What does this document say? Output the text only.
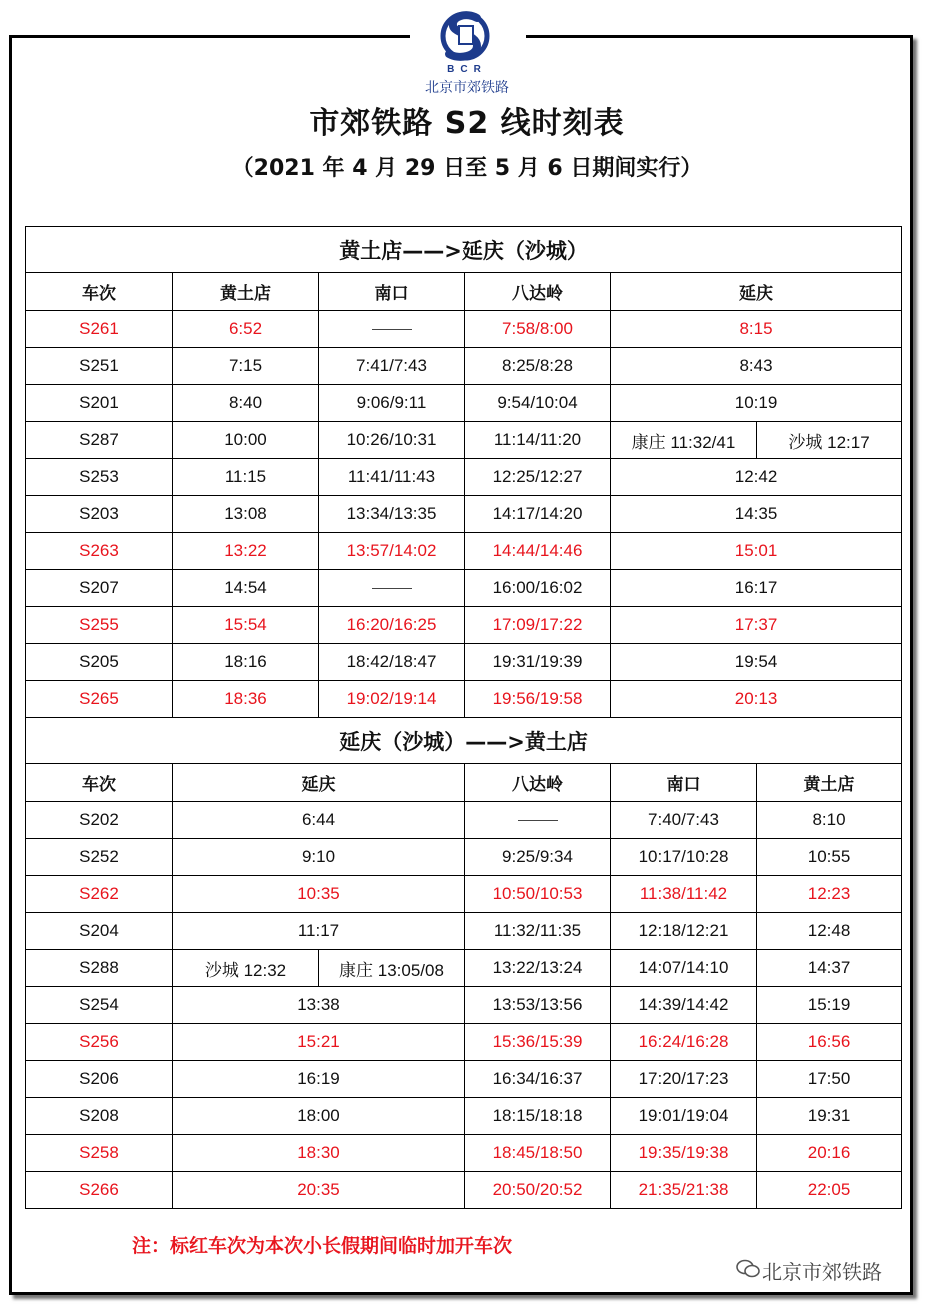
BCR
北京市郊铁路
市郊铁路 S2 线时刻表
（2021 年 4 月 29 日至 5 月 6 日期间实行）
黄土店——>延庆（沙城）					
车次	黄土店	南口	八达岭	延庆	
S261	6:52		7:58/8:00	8:15	
S251	7:15	7:41/7:43	8:25/8:28	8:43	
S201	8:40	9:06/9:11	9:54/10:04	10:19	
S287	10:00	10:26/10:31	11:14/11:20	康庄 11:32/41	沙城 12:17
S253	11:15	11:41/11:43	12:25/12:27	12:42	
S203	13:08	13:34/13:35	14:17/14:20	14:35	
S263	13:22	13:57/14:02	14:44/14:46	15:01	
S207	14:54		16:00/16:02	16:17	
S255	15:54	16:20/16:25	17:09/17:22	17:37	
S205	18:16	18:42/18:47	19:31/19:39	19:54	
S265	18:36	19:02/19:14	19:56/19:58	20:13	
延庆（沙城）——>黄土店					
车次	延庆		八达岭	南口	黄土店
S202	6:44			7:40/7:43	8:10
S252	9:10		9:25/9:34	10:17/10:28	10:55
S262	10:35		10:50/10:53	11:38/11:42	12:23
S204	11:17		11:32/11:35	12:18/12:21	12:48
S288	沙城 12:32	康庄 13:05/08	13:22/13:24	14:07/14:10	14:37
S254	13:38		13:53/13:56	14:39/14:42	15:19
S256	15:21		15:36/15:39	16:24/16:28	16:56
S206	16:19		16:34/16:37	17:20/17:23	17:50
S208	18:00		18:15/18:18	19:01/19:04	19:31
S258	18:30		18:45/18:50	19:35/19:38	20:16
S266	20:35		20:50/20:52	21:35/21:38	22:05
注：标红车次为本次小长假期间临时加开车次
北京市郊铁路
